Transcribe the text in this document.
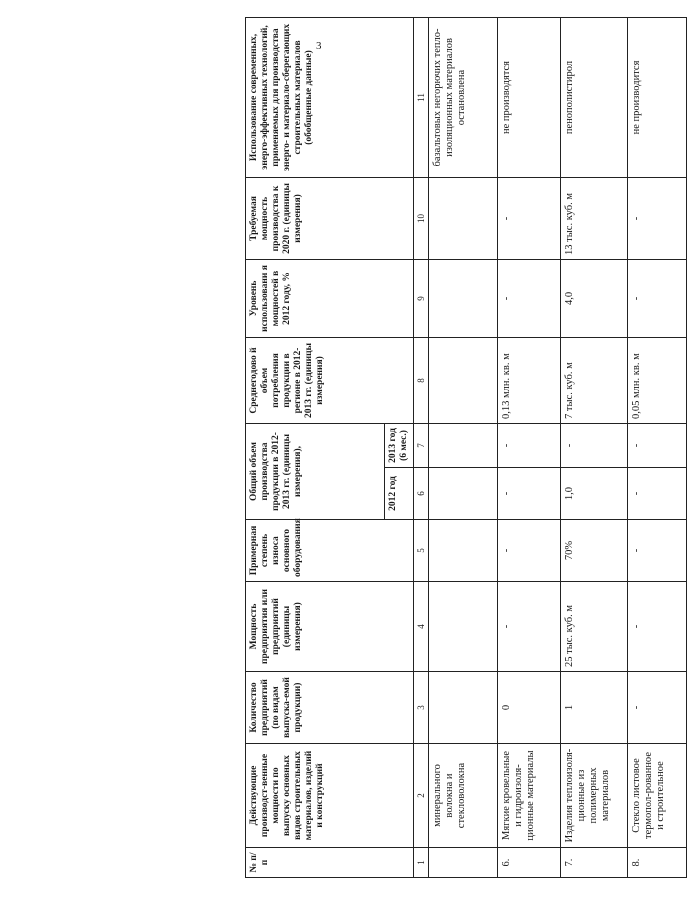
3
№ п/п	Действующие производст-венные мощности по выпуску основных видов строительных материалов, изделий и конструкций	Количество предприятий (по видам выпуска-емой продукции)	Мощность предприятия или предприятий (единицы измерения)	Примерная степень износа основного оборудования	Общий объем производства продукции в 2012-2013 гг. (единицы измерения),		Среднегодово й объем потребления продукции в регионе в 2012-2013 гг. (единицы измерения)	Уровень использовани я мощностей в 2012 году, %	Требуемая мощность производства к 2020 г. (единицы измерения)	Использование современных, энерго-эффективных технологий, применяемых для производства энерго- и материало-сберегающих строительных материалов (обобщенные данные)
					2012 год	2013 год (6 мес.)				
1	2	3	4	5	6	7	8	9	10	11
	минерального волокна и стекловолокна									базальтовых негорючих тепло-изоляционных материалов остановлена
6.	Мягкие кровельные и гидроизоля-ционные материалы	0	-	-	-	-	0,13 млн. кв. м	-	-	не производятся
7.	Изделия теплоизоля-ционные из полимерных материалов	1	25 тыс. куб. м	70%	1,0	-	7 тыс. куб. м	4,0	13 тыс. куб. м	пенополистирол
8.	Стекло листовое термопол-рованное и строительное	-	-	-	-	-	0,05 млн. кв. м	-	-	не производится
